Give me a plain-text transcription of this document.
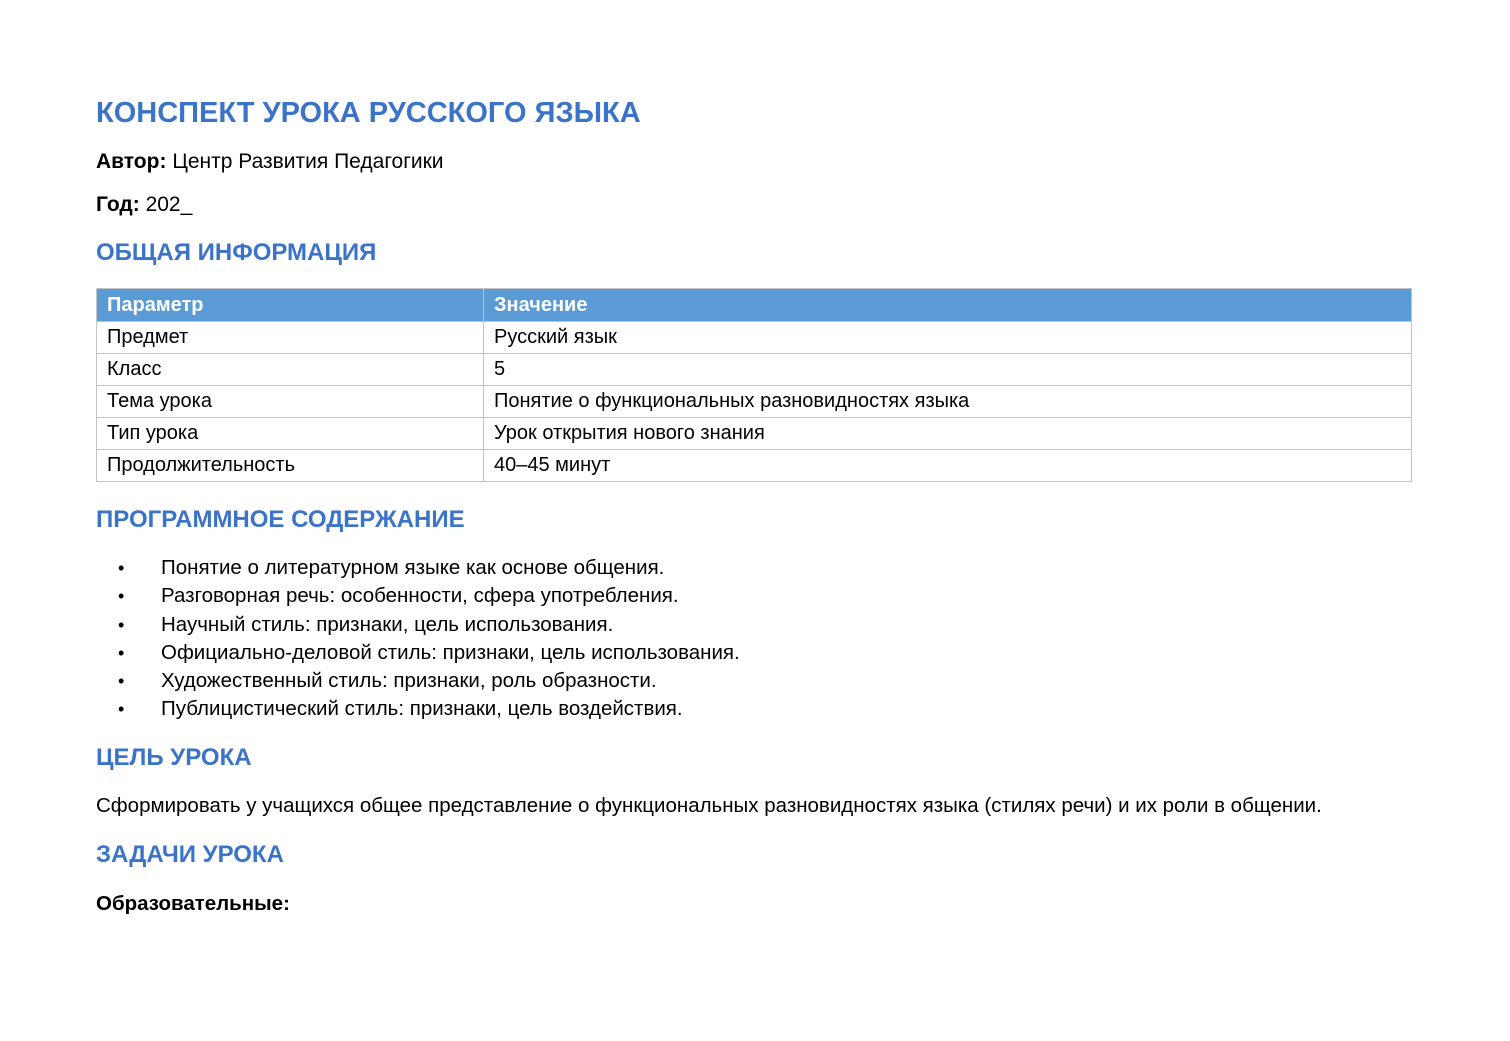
КОНСПЕКТ УРОКА РУССКОГО ЯЗЫКА

Автор: Центр Развития Педагогики

Год: 202_

ОБЩАЯ ИНФОРМАЦИЯ
Параметр	Значение
Предмет	Русский язык
Класс	5
Тема урока	Понятие о функциональных разновидностях языка
Тип урока	Урок открытия нового знания
Продолжительность	40–45 минут
ПРОГРАММНОЕ СОДЕРЖАНИЕ
• Понятие о литературном языке как основе общения.
• Разговорная речь: особенности, сфера употребления.
• Научный стиль: признаки, цель использования.
• Официально-деловой стиль: признаки, цель использования.
• Художественный стиль: признаки, роль образности.
• Публицистический стиль: признаки, цель воздействия.
ЦЕЛЬ УРОКА

Сформировать у учащихся общее представление о функциональных разновидностях языка (стилях речи) и их роли в общении.

ЗАДАЧИ УРОКА

Образовательные:
